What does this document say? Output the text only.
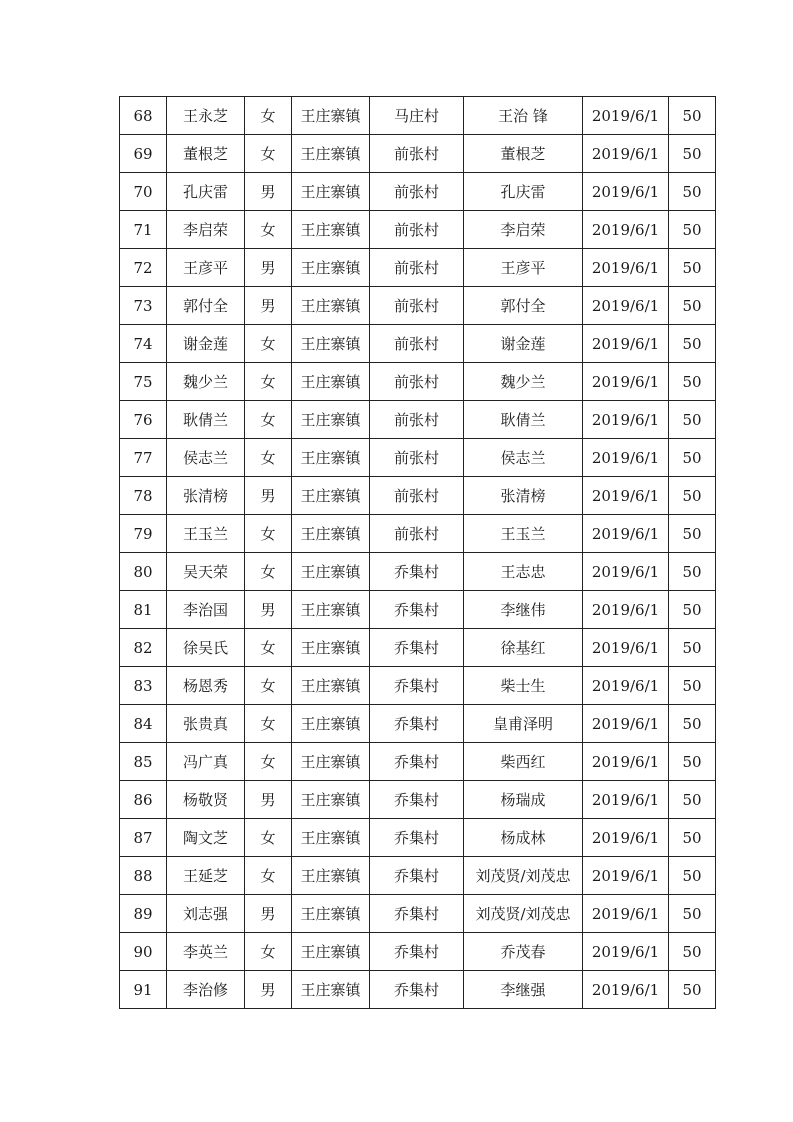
68	王永芝	女	王庄寨镇	马庄村	王治 锋	2019/6/1	50
69	董根芝	女	王庄寨镇	前张村	董根芝	2019/6/1	50
70	孔庆雷	男	王庄寨镇	前张村	孔庆雷	2019/6/1	50
71	李启荣	女	王庄寨镇	前张村	李启荣	2019/6/1	50
72	王彦平	男	王庄寨镇	前张村	王彦平	2019/6/1	50
73	郭付全	男	王庄寨镇	前张村	郭付全	2019/6/1	50
74	谢金莲	女	王庄寨镇	前张村	谢金莲	2019/6/1	50
75	魏少兰	女	王庄寨镇	前张村	魏少兰	2019/6/1	50
76	耿倩兰	女	王庄寨镇	前张村	耿倩兰	2019/6/1	50
77	侯志兰	女	王庄寨镇	前张村	侯志兰	2019/6/1	50
78	张清榜	男	王庄寨镇	前张村	张清榜	2019/6/1	50
79	王玉兰	女	王庄寨镇	前张村	王玉兰	2019/6/1	50
80	吴天荣	女	王庄寨镇	乔集村	王志忠	2019/6/1	50
81	李治国	男	王庄寨镇	乔集村	李继伟	2019/6/1	50
82	徐吴氏	女	王庄寨镇	乔集村	徐基红	2019/6/1	50
83	杨恩秀	女	王庄寨镇	乔集村	柴士生	2019/6/1	50
84	张贵真	女	王庄寨镇	乔集村	皇甫泽明	2019/6/1	50
85	冯广真	女	王庄寨镇	乔集村	柴西红	2019/6/1	50
86	杨敬贤	男	王庄寨镇	乔集村	杨瑞成	2019/6/1	50
87	陶文芝	女	王庄寨镇	乔集村	杨成林	2019/6/1	50
88	王延芝	女	王庄寨镇	乔集村	刘茂贤/刘茂忠	2019/6/1	50
89	刘志强	男	王庄寨镇	乔集村	刘茂贤/刘茂忠	2019/6/1	50
90	李英兰	女	王庄寨镇	乔集村	乔茂春	2019/6/1	50
91	李治修	男	王庄寨镇	乔集村	李继强	2019/6/1	50
